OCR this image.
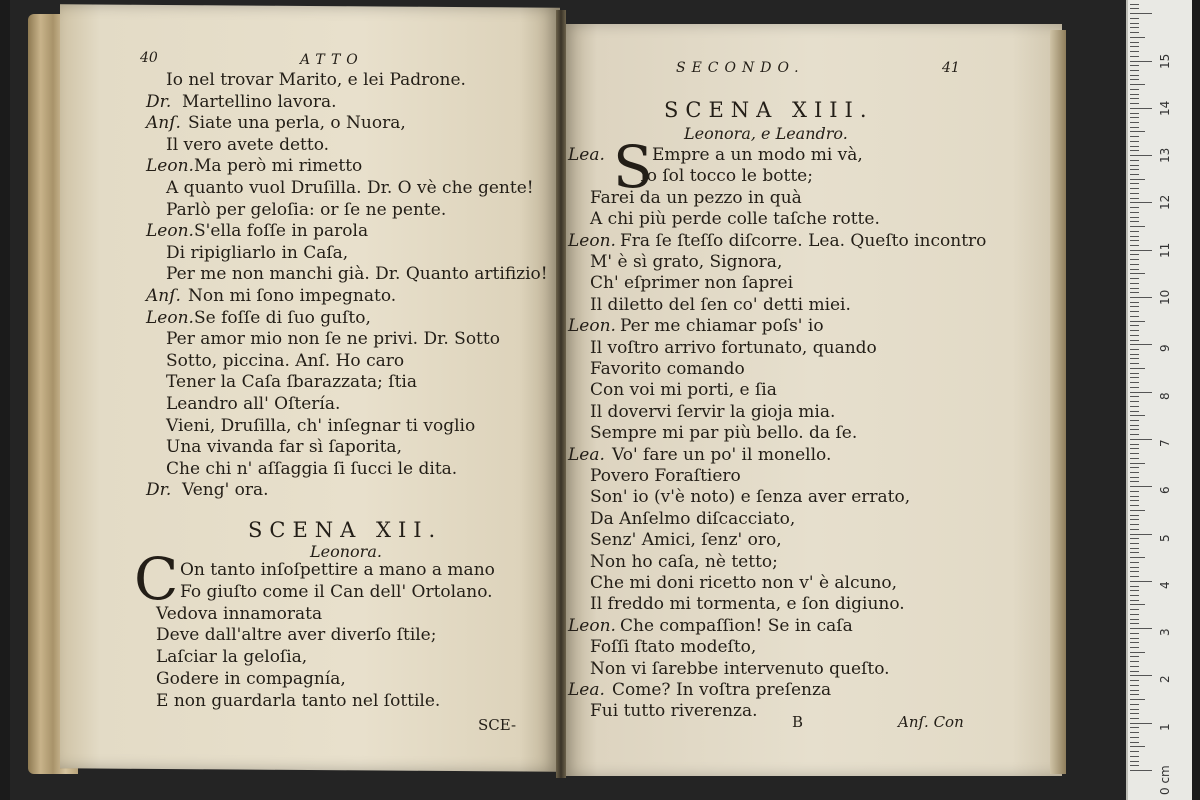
40	ATTO
Io nel trovar Marito, e lei Padrone.
Dr. Martellino lavora.
Anſ. Siate una perla, o Nuora,
Il vero avete detto.
Leon. Ma però mi rimetto
A quanto vuol Druſilla. Dr. O vè che gente!
Parlò per geloſia: or ſe ne pente.
Leon. S'ella foſſe in parola
Di ripigliarlo in Caſa,
Per me non manchi già. Dr. Quanto artifizio!
Anſ. Non mi ſono impegnato.
Leon. Se foſſe di ſuo guſto,
Per amor mio non ſe ne privi. Dr. Sotto
Sotto, piccina. Anſ. Ho caro
Tener la Caſa ſbarazzata; ſtia
Leandro all' Oſtería.
Vieni, Druſilla, ch' inſegnar ti voglio
Una vivanda far sì ſaporita,
Che chi n' aſſaggia ſi ſucci le dita.
Dr. Veng' ora.
SCENA XII.
Leonora.
C On tanto inſoſpettire a mano a mano
Fo giuſto come il Can dell' Ortolano.
Vedova innamorata
Deve dall'altre aver diverſo ſtile;
Laſciar la geloſia,
Godere in compagnía,
E non guardarla tanto nel ſottile.
SCE-
SECONDO.	41
SCENA XIII.
Leonora, e Leandro.
S
Lea.	Empre a un modo mi và,
Io ſol tocco le botte;
Farei da un pezzo in quà
A chi più perde colle taſche rotte.
Leon. Fra ſe ſteſſo diſcorre. Lea. Queſto incontro
M' è sì grato, Signora,
Ch' eſprimer non ſaprei
Il diletto del ſen co' detti miei.
Leon. Per me chiamar poſs' io
Il voſtro arrivo fortunato, quando
Favorito comando
Con voi mi porti, e ſia
Il dovervi ſervir la gioja mia.
Sempre mi par più bello. da ſe.
Lea. Vo' fare un po' il monello.
Povero Foraſtiero
Son' io (v'è noto) e ſenza aver errato,
Da Anſelmo diſcacciato,
Senz' Amici, ſenz' oro,
Non ho caſa, nè tetto;
Che mi doni ricetto non v' è alcuno,
Il freddo mi tormenta, e ſon digiuno.
Leon. Che compaſſion! Se in caſa
Foſſi ſtato modeſto,
Non vi ſarebbe intervenuto queſto.
Lea. Come? In voſtra preſenza
Fui tutto riverenza.
B	Anſ. Con	1
2
3
4
5
6
7
8
9
10
11
12
13
14
15
0 cm
